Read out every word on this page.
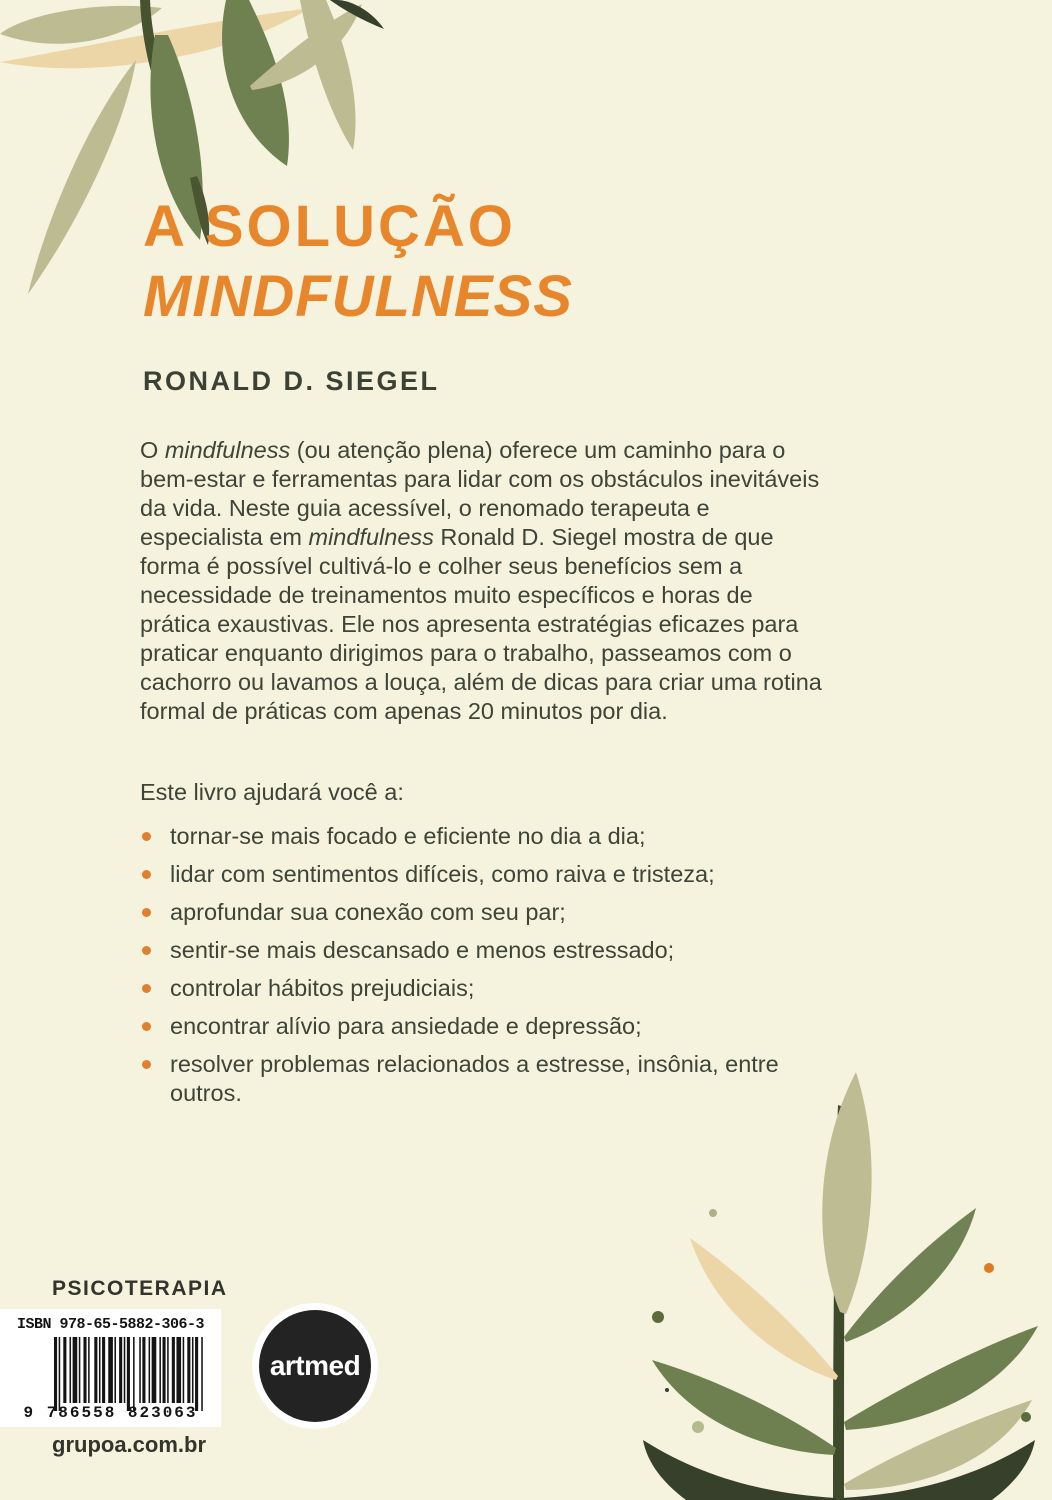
A SOLUÇÃO
MINDFULNESS
RONALD D. SIEGEL

O mindfulness (ou atenção plena) oferece um caminho para o bem-estar e ferramentas para lidar com os obstáculos inevitáveis da vida. Neste guia acessível, o renomado terapeuta e especialista em mindfulness Ronald D. Siegel mostra de que forma é possível cultivá-lo e colher seus benefícios sem a necessidade de treinamentos muito específicos e horas de prática exaustivas. Ele nos apresenta estratégias eficazes para praticar enquanto dirigimos para o trabalho, passeamos com o cachorro ou lavamos a louça, além de dicas para criar uma rotina formal de práticas com apenas 20 minutos por dia.

Este livro ajudará você a:

tornar-se mais focado e eficiente no dia a dia;
lidar com sentimentos difíceis, como raiva e tristeza;
aprofundar sua conexão com seu par;
sentir-se mais descansado e menos estressado;
controlar hábitos prejudiciais;
encontrar alívio para ansiedade e depressão;
resolver problemas relacionados a estresse, insônia, entre outros.
PSICOTERAPIA
ISBN 978-65-5882-306-3
9 786558 823063
artmed
grupoa.com.br
